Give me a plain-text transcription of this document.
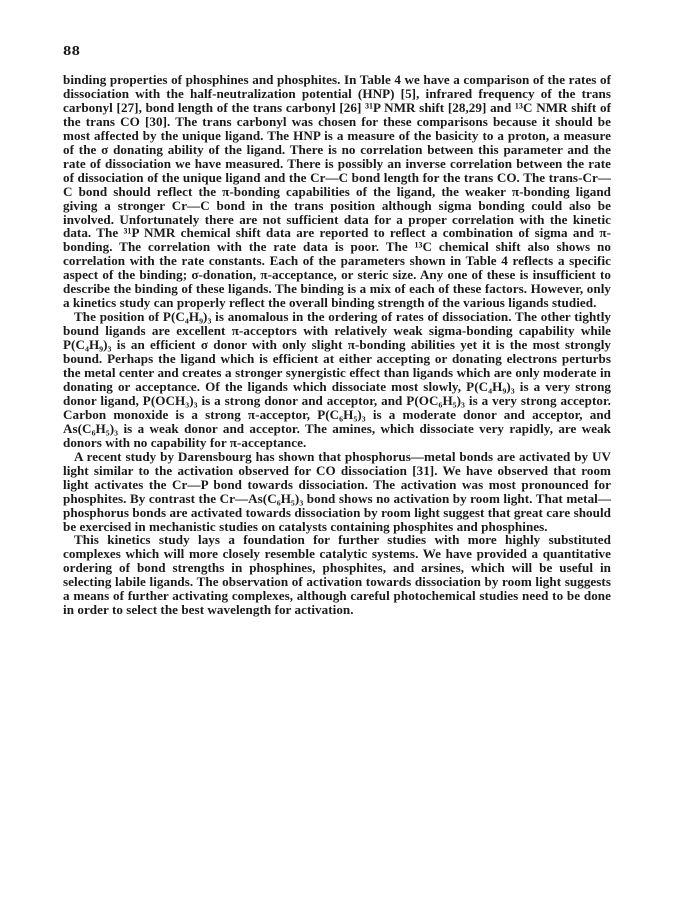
88

binding properties of phosphines and phosphites. In Table 4 we have a comparison of the rates of dissociation with the half-neutralization potential (HNP) [5], infrared frequency of the trans carbonyl [27], bond length of the trans carbonyl [26] ³¹P NMR shift [28,29] and ¹³C NMR shift of the trans CO [30]. The trans carbonyl was chosen for these comparisons because it should be most affected by the unique ligand. The HNP is a measure of the basicity to a proton, a measure of the σ donating ability of the ligand. There is no correlation between this parameter and the rate of dissociation we have measured. There is possibly an inverse correlation between the rate of dissociation of the unique ligand and the Cr—C bond length for the trans CO. The trans-Cr—C bond should reflect the π-bonding capabilities of the ligand, the weaker π-bonding ligand giving a stronger Cr—C bond in the trans position although sigma bonding could also be involved. Unfortunately there are not sufficient data for a proper correlation with the kinetic data. The ³¹P NMR chemical shift data are reported to reflect a combination of sigma and π-bonding. The correlation with the rate data is poor. The ¹³C chemical shift also shows no correlation with the rate constants. Each of the parameters shown in Table 4 reflects a specific aspect of the binding; σ-donation, π-acceptance, or steric size. Any one of these is insufficient to describe the binding of these ligands. The binding is a mix of each of these factors. However, only a kinetics study can properly reflect the overall binding strength of the various ligands studied.

The position of P(C₄H₉)₃ is anomalous in the ordering of rates of dissociation. The other tightly bound ligands are excellent π-acceptors with relatively weak sigma-bonding capability while P(C₄H₉)₃ is an efficient σ donor with only slight π-bonding abilities yet it is the most strongly bound. Perhaps the ligand which is efficient at either accepting or donating electrons perturbs the metal center and creates a stronger synergistic effect than ligands which are only moderate in donating or acceptance. Of the ligands which dissociate most slowly, P(C₄H₉)₃ is a very strong donor ligand, P(OCH₃)₃ is a strong donor and acceptor, and P(OC₆H₅)₃ is a very strong acceptor. Carbon monoxide is a strong π-acceptor, P(C₆H₅)₃ is a moderate donor and acceptor, and As(C₆H₅)₃ is a weak donor and acceptor. The amines, which dissociate very rapidly, are weak donors with no capability for π-acceptance.

A recent study by Darensbourg has shown that phosphorus—metal bonds are activated by UV light similar to the activation observed for CO dissociation [31]. We have observed that room light activates the Cr—P bond towards dissociation. The activation was most pronounced for phosphites. By contrast the Cr—As(C₆H₅)₃ bond shows no activation by room light. That metal— phosphorus bonds are activated towards dissociation by room light suggest that great care should be exercised in mechanistic studies on catalysts containing phosphites and phosphines.

This kinetics study lays a foundation for further studies with more highly substituted complexes which will more closely resemble catalytic systems. We have provided a quantitative ordering of bond strengths in phosphines, phosphites, and arsines, which will be useful in selecting labile ligands. The observation of activation towards dissociation by room light suggests a means of further activating complexes, although careful photochemical studies need to be done in order to select the best wavelength for activation.
